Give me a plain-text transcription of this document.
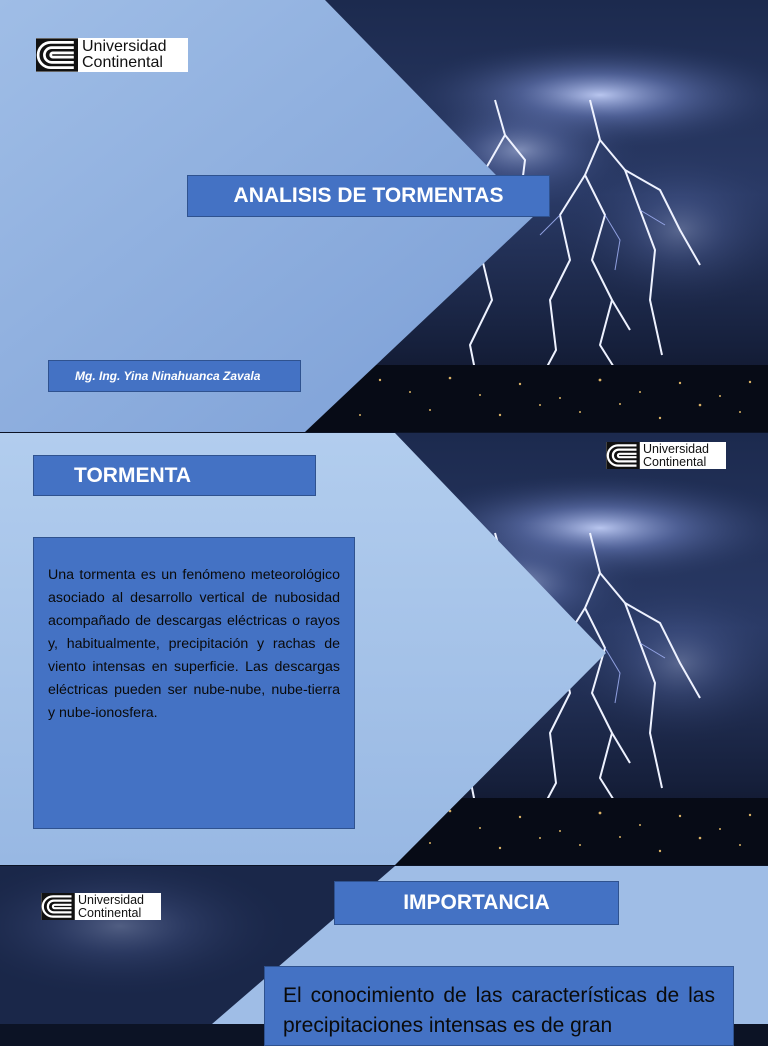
Universidad
Continental
ANALISIS DE TORMENTAS
Mg. Ing. Yina Ninahuanca Zavala
Universidad
Continental
TORMENTA
Una tormenta es un fenómeno meteorológico asociado al desarrollo vertical de nubosidad acompañado de descargas eléctricas o rayos y, habitualmente, precipitación y rachas de viento intensas en superficie. Las descargas eléctricas pueden ser nube-nube, nube-tierra y nube-ionosfera.
Universidad
Continental	IMPORTANCIA
El conocimiento de las características de las precipitaciones intensas es de gran
